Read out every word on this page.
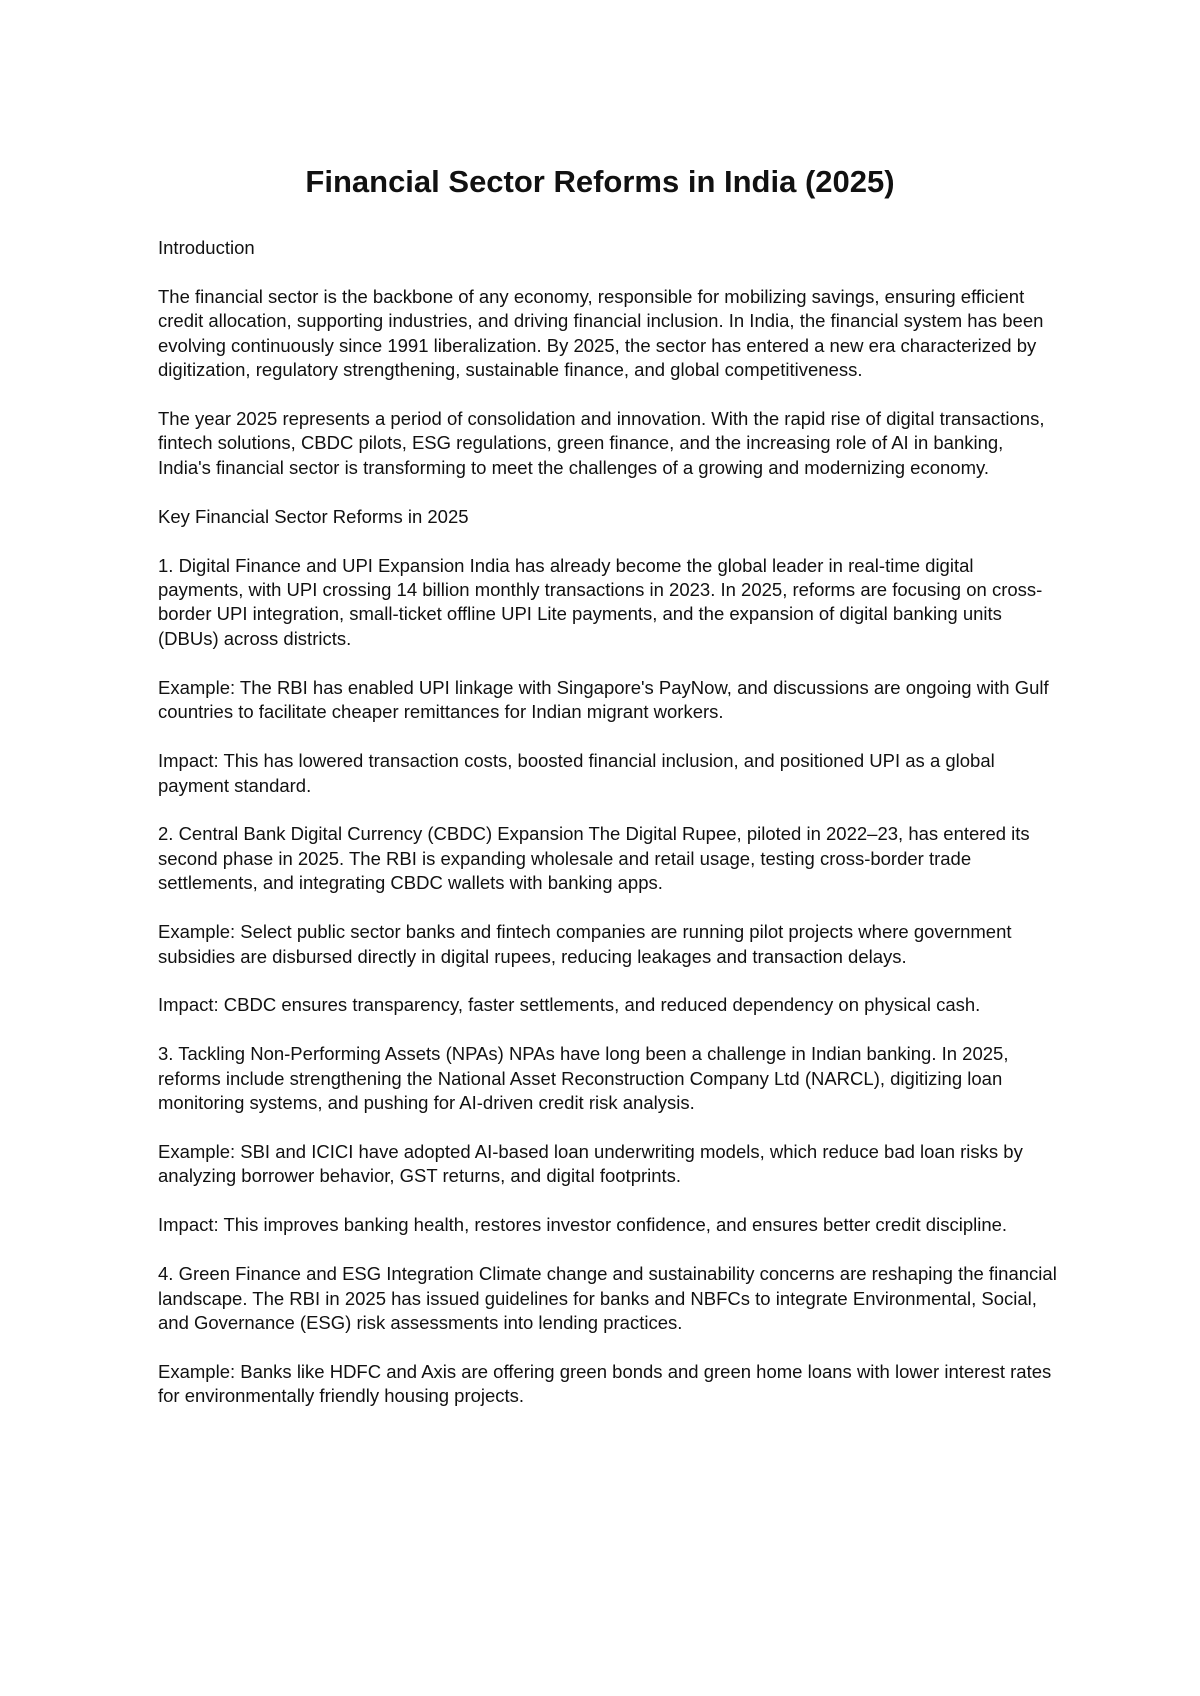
Financial Sector Reforms in India (2025)

Introduction

The financial sector is the backbone of any economy, responsible for mobilizing savings, ensuring efficient credit allocation, supporting industries, and driving financial inclusion. In India, the financial system has been evolving continuously since 1991 liberalization. By 2025, the sector has entered a new era characterized by digitization, regulatory strengthening, sustainable finance, and global competitiveness.

The year 2025 represents a period of consolidation and innovation. With the rapid rise of digital transactions, fintech solutions, CBDC pilots, ESG regulations, green finance, and the increasing role of AI in banking, India's financial sector is transforming to meet the challenges of a growing and modernizing economy.

Key Financial Sector Reforms in 2025

1. Digital Finance and UPI Expansion India has already become the global leader in real-time digital payments, with UPI crossing 14 billion monthly transactions in 2023. In 2025, reforms are focusing on cross-border UPI integration, small-ticket offline UPI Lite payments, and the expansion of digital banking units (DBUs) across districts.

Example: The RBI has enabled UPI linkage with Singapore's PayNow, and discussions are ongoing with Gulf countries to facilitate cheaper remittances for Indian migrant workers.

Impact: This has lowered transaction costs, boosted financial inclusion, and positioned UPI as a global payment standard.

2. Central Bank Digital Currency (CBDC) Expansion The Digital Rupee, piloted in 2022–23, has entered its second phase in 2025. The RBI is expanding wholesale and retail usage, testing cross-border trade settlements, and integrating CBDC wallets with banking apps.

Example: Select public sector banks and fintech companies are running pilot projects where government subsidies are disbursed directly in digital rupees, reducing leakages and transaction delays.

Impact: CBDC ensures transparency, faster settlements, and reduced dependency on physical cash.

3. Tackling Non-Performing Assets (NPAs) NPAs have long been a challenge in Indian banking. In 2025, reforms include strengthening the National Asset Reconstruction Company Ltd (NARCL), digitizing loan monitoring systems, and pushing for AI-driven credit risk analysis.

Example: SBI and ICICI have adopted AI-based loan underwriting models, which reduce bad loan risks by analyzing borrower behavior, GST returns, and digital footprints.

Impact: This improves banking health, restores investor confidence, and ensures better credit discipline.

4. Green Finance and ESG Integration Climate change and sustainability concerns are reshaping the financial landscape. The RBI in 2025 has issued guidelines for banks and NBFCs to integrate Environmental, Social, and Governance (ESG) risk assessments into lending practices.

Example: Banks like HDFC and Axis are offering green bonds and green home loans with lower interest rates for environmentally friendly housing projects.
